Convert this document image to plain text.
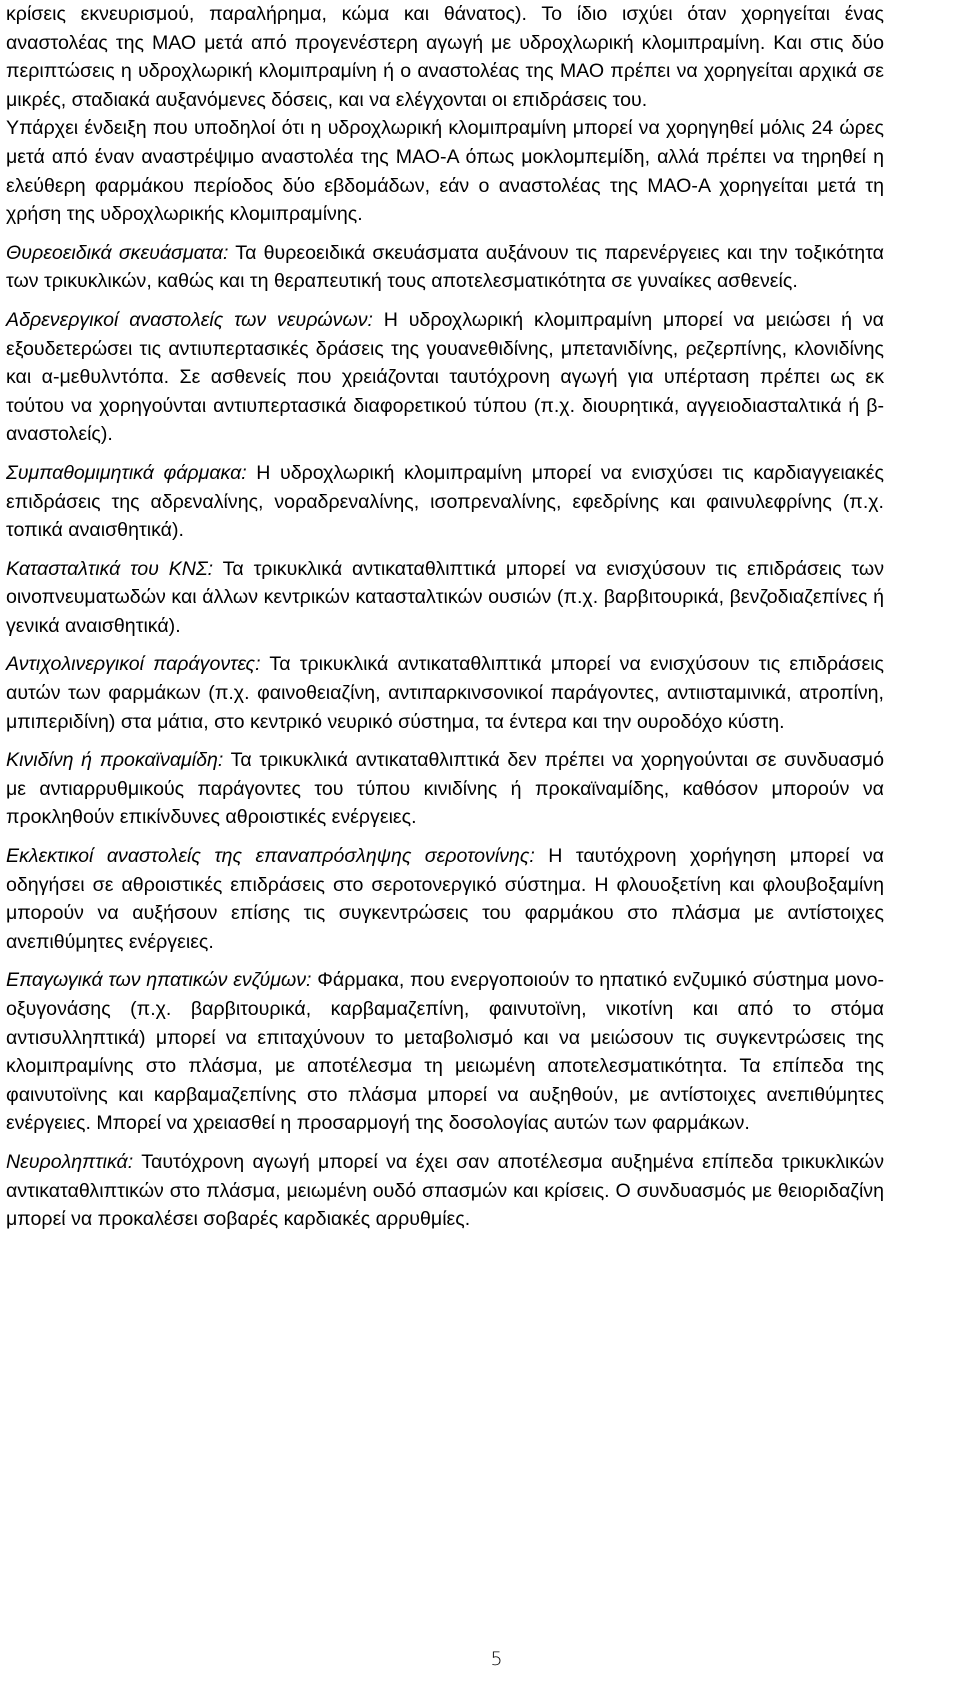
κρίσεις εκνευρισμού, παραλήρημα, κώμα και θάνατος). Το ίδιο ισχύει όταν χορηγείται ένας αναστολέας της ΜΑΟ μετά από προγενέστερη αγωγή με υδροχλωρική κλομιπραμίνη. Και στις δύο περιπτώσεις η υδροχλωρική κλομιπραμίνη ή ο αναστολέας της ΜΑΟ πρέπει να χορηγείται αρχικά σε μικρές, σταδιακά αυξανόμενες δόσεις, και να ελέγχονται οι επιδράσεις του.

Υπάρχει ένδειξη που υποδηλοί ότι η υδροχλωρική κλομιπραμίνη μπορεί να χορηγηθεί μόλις 24 ώρες μετά από έναν αναστρέψιμο αναστολέα της ΜΑΟ-Α όπως μοκλομπεμίδη, αλλά πρέπει να τηρηθεί η ελεύθερη φαρμάκου περίοδος δύο εβδομάδων, εάν ο αναστολέας της ΜΑΟ-Α χορηγείται μετά τη χρήση της υδροχλωρικής κλομιπραμίνης.

Θυρεοειδικά σκευάσματα: Τα θυρεοειδικά σκευάσματα αυξάνουν τις παρενέργειες και την τοξικότητα των τρικυκλικών, καθώς και τη θεραπευτική τους αποτελεσματικότητα σε γυναίκες ασθενείς.

Αδρενεργικοί αναστολείς των νευρώνων: Η υδροχλωρική κλομιπραμίνη μπορεί να μειώσει ή να εξουδετερώσει τις αντιυπερτασικές δράσεις της γουανεθιδίνης, μπετανιδίνης, ρεζερπίνης, κλονιδίνης και α-μεθυλντόπα. Σε ασθενείς που χρειάζονται ταυτόχρονη αγωγή για υπέρταση πρέπει ως εκ τούτου να χορηγούνται αντιυπερτασικά διαφορετικού τύπου (π.χ. διουρητικά, αγγειοδιασταλτικά ή β-αναστολείς).

Συμπαθομιμητικά φάρμακα: Η υδροχλωρική κλομιπραμίνη μπορεί να ενισχύσει τις καρδιαγγειακές επιδράσεις της αδρεναλίνης, νοραδρεναλίνης, ισοπρεναλίνης, εφεδρίνης και φαινυλεφρίνης (π.χ. τοπικά αναισθητικά).

Κατασταλτικά του ΚΝΣ: Τα τρικυκλικά αντικαταθλιπτικά μπορεί να ενισχύσουν τις επιδράσεις των οινοπνευματωδών και άλλων κεντρικών κατασταλτικών ουσιών (π.χ. βαρβιτουρικά, βενζοδιαζεπίνες ή γενικά αναισθητικά).

Αντιχολινεργικοί παράγοντες: Τα τρικυκλικά αντικαταθλιπτικά μπορεί να ενισχύσουν τις επιδράσεις αυτών των φαρμάκων (π.χ. φαινοθειαζίνη, αντιπαρκινσονικοί παράγοντες, αντιισταμινικά, ατροπίνη, μπιπεριδίνη) στα μάτια, στο κεντρικό νευρικό σύστημα, τα έντερα και την ουροδόχο κύστη.

Κινιδίνη ή προκαϊναμίδη: Τα τρικυκλικά αντικαταθλιπτικά δεν πρέπει να χορηγούνται σε συνδυασμό με αντιαρρυθμικούς παράγοντες του τύπου κινιδίνης ή προκαϊναμίδης, καθόσον μπορούν να προκληθούν επικίνδυνες αθροιστικές ενέργειες.

Εκλεκτικοί αναστολείς της επαναπρόσληψης σεροτονίνης: Η ταυτόχρονη χορήγηση μπορεί να οδηγήσει σε αθροιστικές επιδράσεις στο σεροτονεργικό σύστημα. Η φλουοξετίνη και φλουβοξαμίνη μπορούν να αυξήσουν επίσης τις συγκεντρώσεις του φαρμάκου στο πλάσμα με αντίστοιχες ανεπιθύμητες ενέργειες.

Επαγωγικά των ηπατικών ενζύμων: Φάρμακα, που ενεργοποιούν το ηπατικό ενζυμικό σύστημα μονο-οξυγονάσης (π.χ. βαρβιτουρικά, καρβαμαζεπίνη, φαινυτοϊνη, νικοτίνη και από το στόμα αντισυλληπτικά) μπορεί να επιταχύνουν το μεταβολισμό και να μειώσουν τις συγκεντρώσεις της κλομιπραμίνης στο πλάσμα, με αποτέλεσμα τη μειωμένη αποτελεσματικότητα. Τα επίπεδα της φαινυτοϊνης και καρβαμαζεπίνης στο πλάσμα μπορεί να αυξηθούν, με αντίστοιχες ανεπιθύμητες ενέργειες. Μπορεί να χρειασθεί η προσαρμογή της δοσολογίας αυτών των φαρμάκων.

Νευροληπτικά: Ταυτόχρονη αγωγή μπορεί να έχει σαν αποτέλεσμα αυξημένα επίπεδα τρικυκλικών αντικαταθλιπτικών στο πλάσμα, μειωμένη ουδό σπασμών και κρίσεις. Ο συνδυασμός με θειοριδαζίνη μπορεί να προκαλέσει σοβαρές καρδιακές αρρυθμίες.

5
